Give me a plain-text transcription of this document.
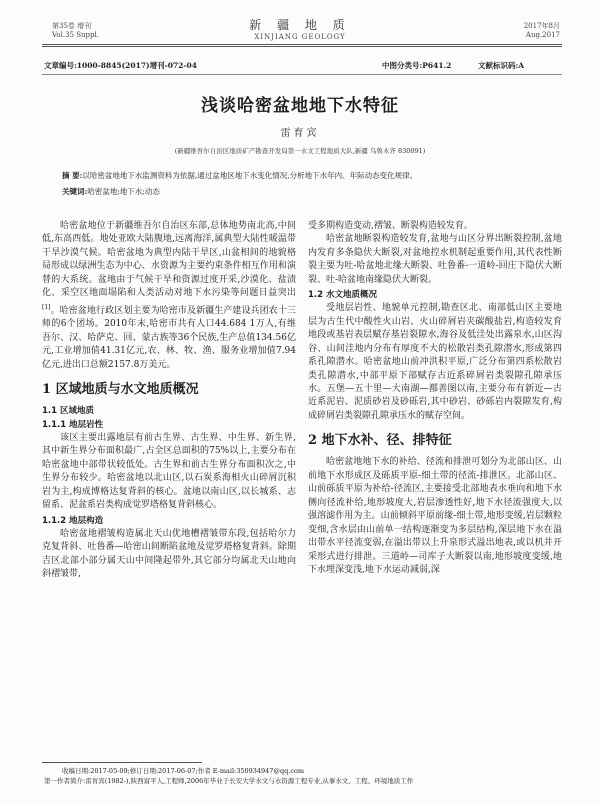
第35卷 增刊
Vol.35 Suppl.
新 疆 地 质
XINJIANG GEOLOGY
2017年8月
Aug.2017
文章编号:1000-8845(2017)增刊-072-04	中图分类号:P641.2	文献标识码:A
浅谈哈密盆地地下水特征
雷育宾
(新疆维吾尔自治区地质矿产勘查开发局第一水文工程地质大队,新疆 乌鲁木齐 830091)
摘 要:以哈密盆地地下水监测资料为依据,通过盆地区地下水变化情况,分析地下水年内、年际动态变化规律。
关键词:哈密盆地;地下水;动态

哈密盆地位于新疆维吾尔自治区东部,总体地势南北高,中间低,东高西低。地处亚欧大陆腹地,远离海洋,属典型大陆性暖温带干旱沙漠气候。哈密盆地为典型内陆干旱区,山盆相间的地貌格局形成以绿洲生态为中心、水资源为主要约束条件相互作用和演替的大系统。盆地由于气候干旱和资源过度开采,沙漠化、盐渍化、采空区地面塌陷和人类活动对地下水污染等问题日益突出[1]。哈密盆地行政区划主要为哈密市及新疆生产建设兵团农十三师的6个团场。2010年末,哈密市共有人口44.684 1万人,有维吾尔、汉、哈萨克、回、蒙古族等36个民族,生产总值134.56亿元,工业增加值41.31亿元,农、林、牧、渔、服务业增加值7.94亿元,进出口总额2157.8万美元。

1 区域地质与水文地质概况
1.1 区域地质
1.1.1 地层岩性

该区主要出露地层有前古生界、古生界、中生界、新生界,其中新生界分布面积最广,占全区总面积的75%以上,主要分布在哈密盆地中部带状较低处。古生界和前古生界分布面积次之,中生界分布较少。哈密盆地以北山区,以石炭系海相火山碎屑沉积岩为主,构成博格达复背斜的核心。盆地以南山区,以长城系、志留系、泥盆系岩类构成觉罗塔格复背斜核心。

1.1.2 地层构造

哈密盆地褶皱构造属北天山优地槽褶皱带东段,包括哈尔力克复背斜、吐鲁番—哈密山间断陷盆地及觉罗塔格复背斜。除期吉区北部小部分属天山中间隆起带外,其它部分均属北天山地向斜褶皱带,

受多期构造变动,褶皱、断裂构造较发育。

哈密盆地断裂构造较发育,盆地与山区分界出断裂控制,盆地内发育多条隐伏大断裂,对盆地控水机制起重要作用,其代表性断裂主要为吐-哈盆地北缘大断裂、吐鲁番-一道岭-回庄下隐伏大断裂、吐-哈盆地南缘隐伏大断裂。

1.2 水文地质概况

受地层岩性、地貌单元控制,勘查区北、南部低山区主要地层为古生代中酸性火山岩、火山碎屑岩夹碳酸盐岩,构造较发育地段或基岩表层赋存基岩裂隙水,海谷及低洼处出露泉水,山区沟谷、山间洼地内分布有厚度不大的松散岩类孔隙潜水,形成第四系孔隙潜水。哈密盆地山前冲洪积平原,广泛分布第四系松散岩类孔隙潜水,中部平原下部赋存古近系碎屑岩类裂隙孔隙承压水。五堡—五十里—大南湖—鄯善图以南,主要分布有新近—古近系泥岩、泥质砂岩及砂砾岩,其中砂岩、砂砾岩内裂隙发育,构成碎屑岩类裂隙孔隙承压水的赋存空间。

2 地下水补、径、排特征

哈密盆地地下水的补给、径流和排泄可划分为北部山区、山前地下水形成区及砾质平原-细土带的径流-排泄区。北部山区、山前砾质平原为补给-径流区,主要接受北部地表水垂向和地下水侧向径流补给,地形坡度大,岩层渗透性好,地下水径流强度大,以强溶滤作用为主。山前倾斜平原前缘-细土带,地形变缓,岩层颗粒变细,含水层由山前单一结构逐渐变为多层结构,深层地下水在溢出带水平径流变弱,在溢出带以上升泉形式溢出地表,或以机井开采形式进行排泄。三道岭—司库子大断裂以南,地形坡度变缓,地下水埋深变浅,地下水运动减弱,深

收稿日期:2017-05-09;修订日期:2017-06-07;作者 E-mail:350934947@qq.com
第一作者简介:雷育宾(1982-),陕西富平人,工程师,2006年毕业于长安大学水文与水资源工程专业,从事水文、工程、环境地质工作
